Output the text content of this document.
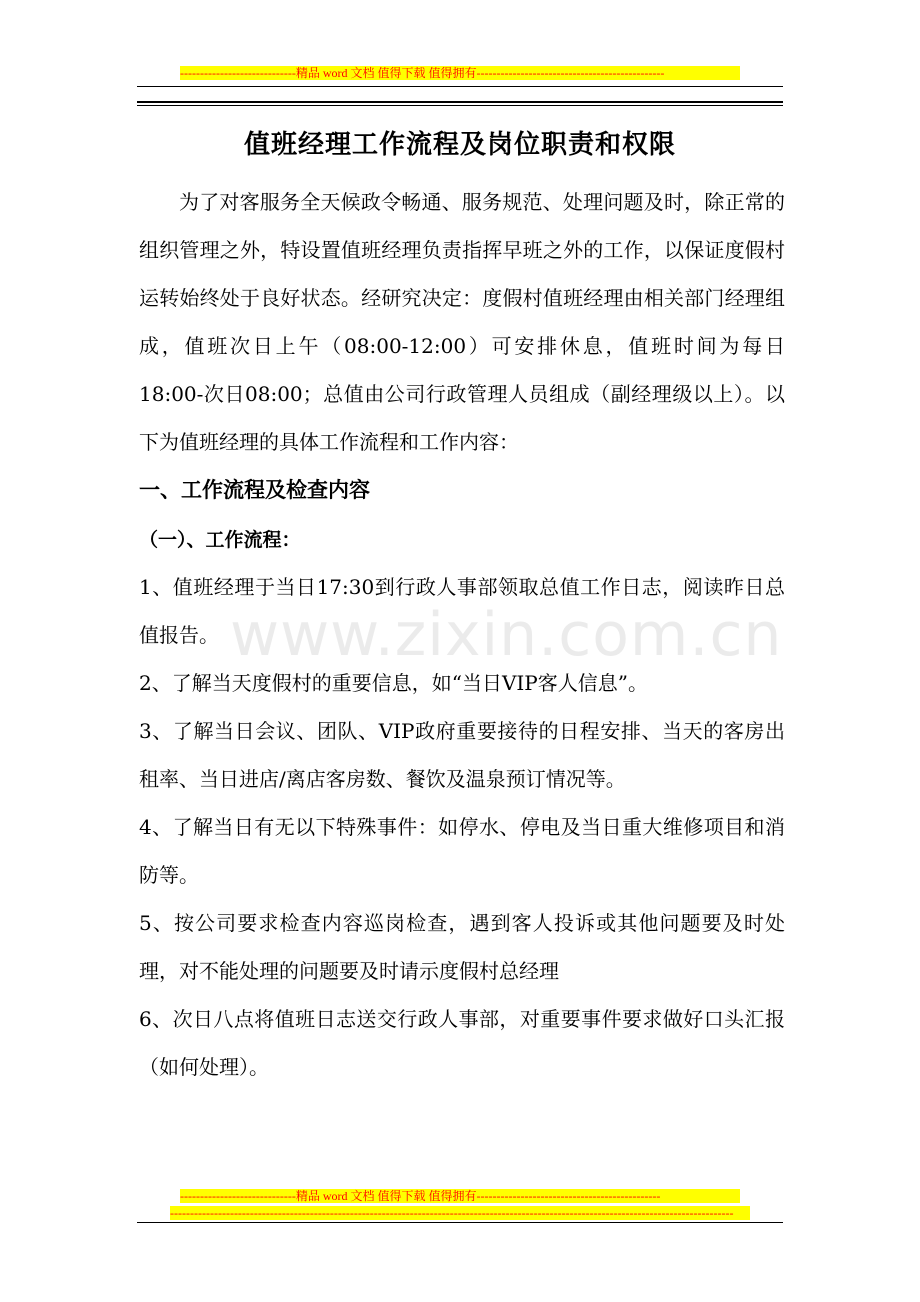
-----------------------------精品 word 文档 值得下载 值得拥有-----------------------------------------------
值班经理工作流程及岗位职责和权限

为了对客服务全天候政令畅通、服务规范、处理问题及时，除正常的组织管理之外，特设置值班经理负责指挥早班之外的工作，以保证度假村运转始终处于良好状态。经研究决定：度假村值班经理由相关部门经理组成，值班次日上午（08:00-12:00）可安排休息，值班时间为每日18:00-次日08:00；总值由公司行政管理人员组成（副经理级以上）。以下为值班经理的具体工作流程和工作内容：

一、工作流程及检查内容
（一）、工作流程：

1、值班经理于当日17:30到行政人事部领取总值工作日志，阅读昨日总值报告。

2、了解当天度假村的重要信息，如“当日VIP客人信息”。

3、了解当日会议、团队、VIP政府重要接待的日程安排、当天的客房出租率、当日进店/离店客房数、餐饮及温泉预订情况等。

4、了解当日有无以下特殊事件：如停水、停电及当日重大维修项目和消防等。

5、按公司要求检查内容巡岗检查，遇到客人投诉或其他问题要及时处理，对不能处理的问题要及时请示度假村总经理

6、次日八点将值班日志送交行政人事部，对重要事件要求做好口头汇报（如何处理）。

www.zixin.com.cn
-----------------------------精品 word 文档 值得下载 值得拥有----------------------------------------------
---------------------------------------------------------------------------------------------------------------------------------------------
